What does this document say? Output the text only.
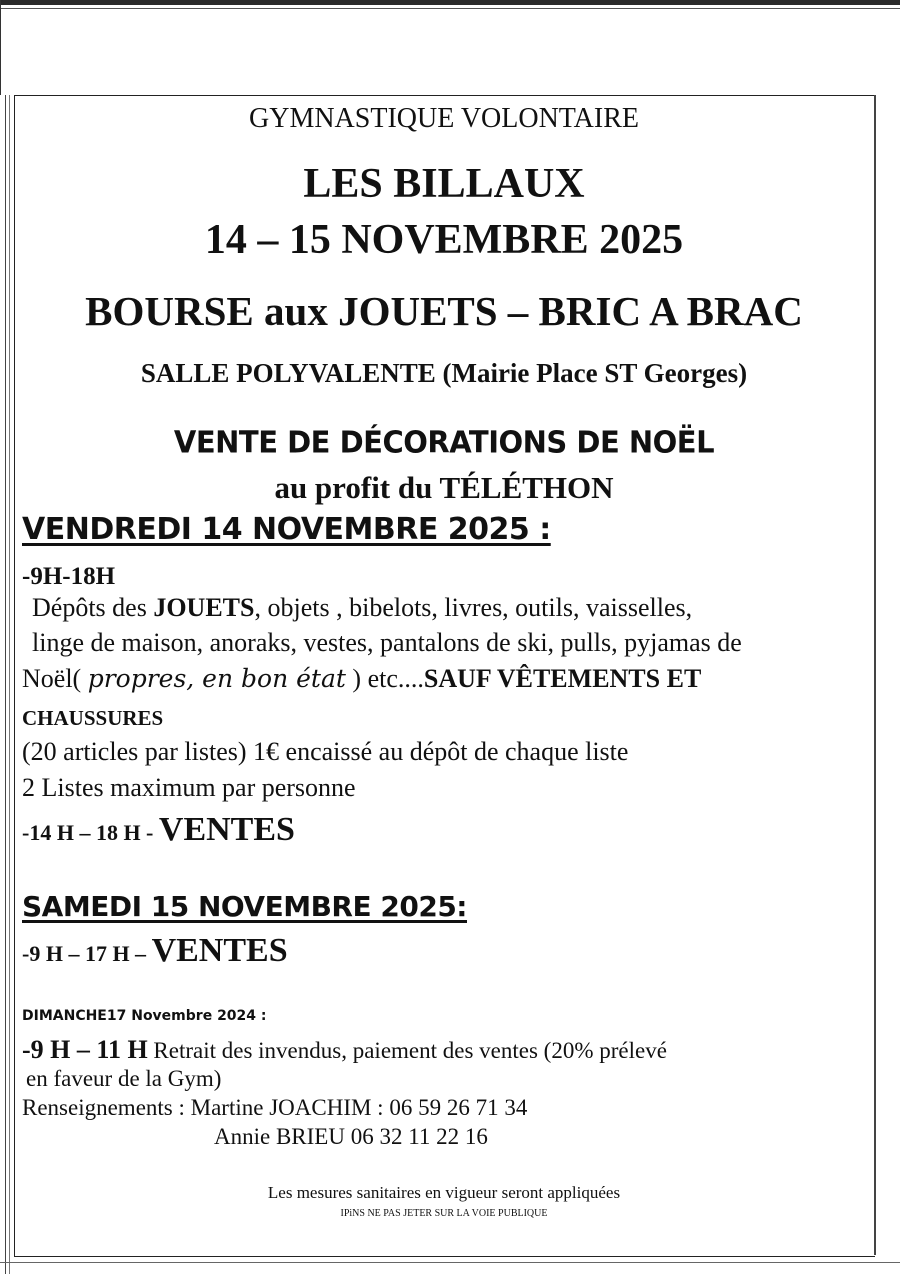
GYMNASTIQUE VOLONTAIRE
LES BILLAUX
14 – 15 NOVEMBRE 2025
BOURSE aux JOUETS – BRIC A BRAC
SALLE POLYVALENTE (Mairie Place ST Georges)
VENTE DE DÉCORATIONS DE NOËL
au profit du TÉLÉTHON
VENDREDI 14 NOVEMBRE 2025 :
-9H-18H
Dépôts des JOUETS, objets , bibelots, livres, outils, vaisselles,
linge de maison, anoraks, vestes, pantalons de ski, pulls, pyjamas de
Noël( propres, en bon état ) etc....SAUF VÊTEMENTS ET
CHAUSSURES
(20 articles par listes) 1€ encaissé au dépôt de chaque liste
2 Listes maximum par personne
-14 H – 18 H - VENTES
SAMEDI 15 NOVEMBRE 2025:
-9 H – 17 H – VENTES
DIMANCHE17 Novembre 2024 :
-9 H – 11 H Retrait des invendus, paiement des ventes (20% prélevé
en faveur de la Gym)
Renseignements : Martine JOACHIM : 06 59 26 71 34
Annie BRIEU 06 32 11 22 16
Les mesures sanitaires en vigueur seront appliquées
IPiNS NE PAS JETER SUR LA VOIE PUBLIQUE
